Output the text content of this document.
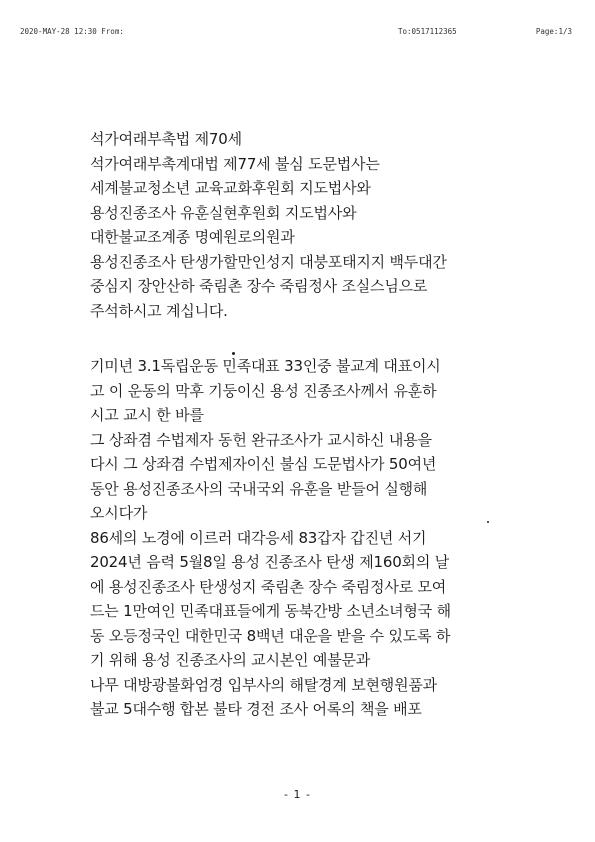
2020-MAY-28 12:30 From:	To:0517112365	Page:1/3
석가여래부촉법 제70세
석가여래부촉계대법 제77세 불심 도문법사는
세계불교청소년 교육교화후원회 지도법사와
용성진종조사 유훈실현후원회 지도법사와
대한불교조계종 명예원로의원과
용성진종조사 탄생가할만인성지 대붕포태지지 백두대간
중심지 장안산하 죽림촌 장수 죽림정사 조실스님으로
주석하시고 계십니다.
기미년 3.1독립운동 민족대표 33인중 불교계 대표이시
고 이 운동의 막후 기둥이신 용성 진종조사께서 유훈하
시고 교시 한 바를
그 상좌겸 수법제자 동헌 완규조사가 교시하신 내용을
다시 그 상좌겸 수법제자이신 불심 도문법사가 50여년
동안 용성진종조사의 국내국외 유훈을 받들어 실행해
오시다가
86세의 노경에 이르러 대각응세 83갑자 갑진년 서기
2024년 음력 5월8일 용성 진종조사 탄생 제160회의 날
에 용성진종조사 탄생성지 죽림촌 장수 죽림정사로 모여
드는 1만여인 민족대표들에게 동북간방 소년소녀형국 해
동 오등정국인 대한민국 8백년 대운을 받을 수 있도록 하
기 위해 용성 진종조사의 교시본인 예불문과
나무 대방광불화엄경 입부사의 해탈경계 보현행원품과
불교 5대수행 합본 불타 경전 조사 어록의 책을 배포
- 1 -
